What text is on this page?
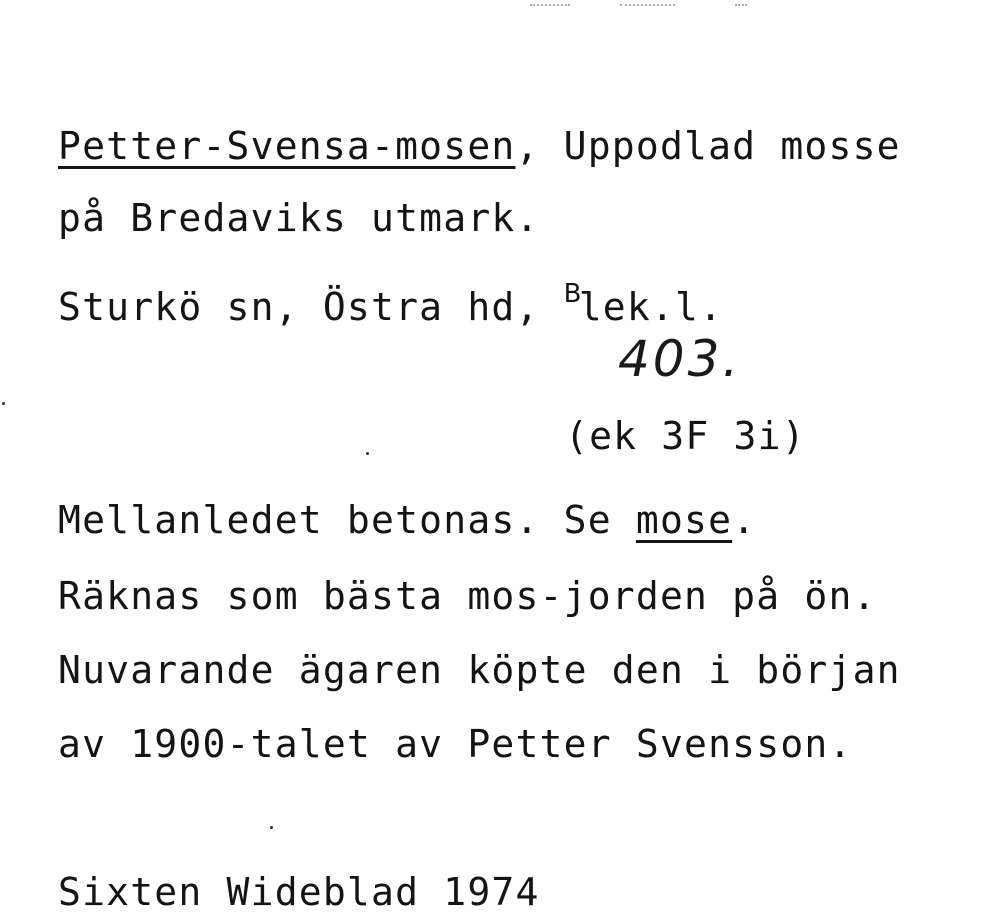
Petter-Svensa-mosen, Uppodlad mosse
på Bredaviks utmark.
Sturkö sn, Östra hd, $^B$lek.l.
403.
(ek 3F 3i)
Mellanledet betonas. Se mose.
Räknas som bästa mos-jorden på ön.
Nuvarande ägaren köpte den i början
av 1900-talet av Petter Svensson.
Sixten Wideblad 1974
